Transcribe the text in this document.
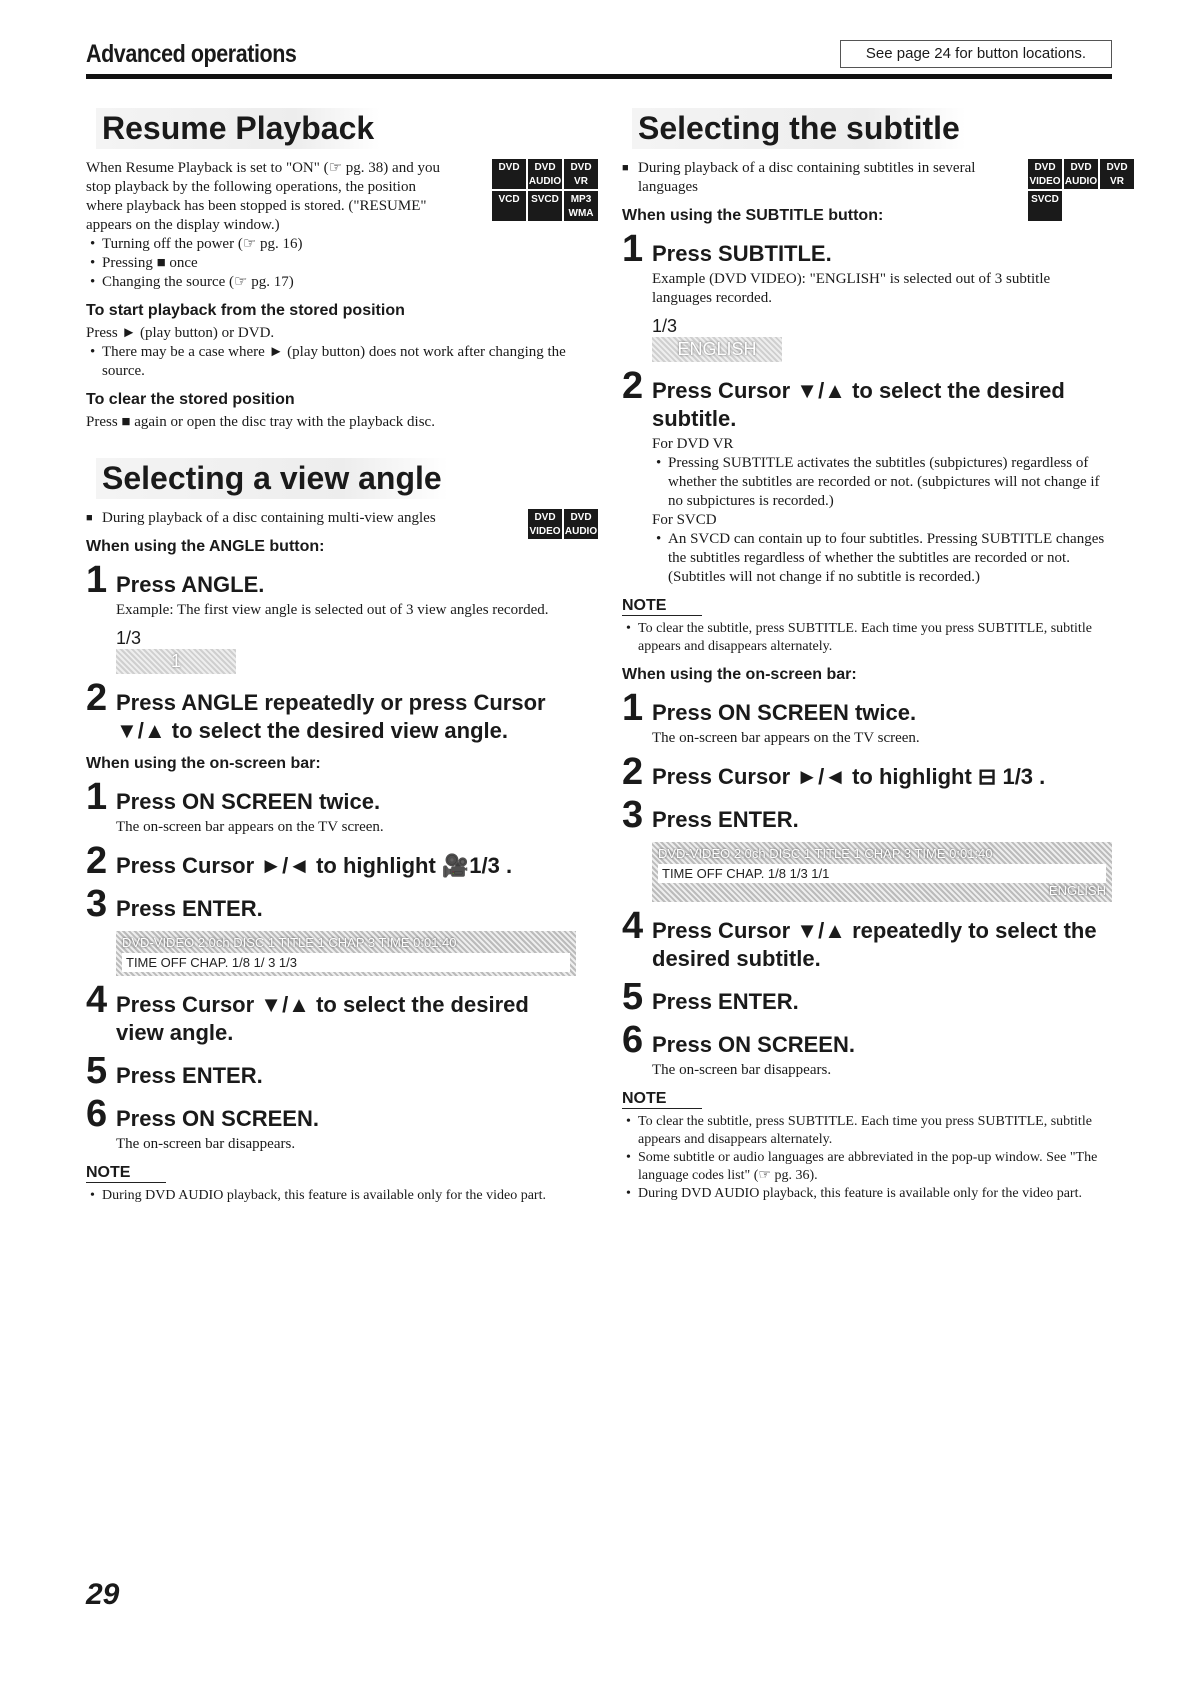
Advanced operations	See page 24 for button locations.
Resume Playback
DVD	DVD AUDIO
DVD VR
VCD	SVCD	MP3 WMA

When Resume Playback is set to "ON" (☞ pg. 38) and you stop playback by the following operations, the position where playback has been stopped is stored. ("RESUME" appears on the display window.)

• Turning off the power (☞ pg. 16)
• Pressing ■ once
• Changing the source (☞ pg. 17)
To start playback from the stored position

Press ► (play button) or DVD.

• There may be a case where ► (play button) does not work after changing the source.
To clear the stored position

Press ■ again or open the disc tray with the playback disc.

Selecting a view angle
DVD VIDEO
DVD AUDIO
■ During playback of a disc containing multi-view angles
When using the ANGLE button:
1 Press ANGLE.
Example: The first view angle is selected out of 3 view angles recorded.
1/3
1
2 Press ANGLE repeatedly or press Cursor ▼/▲ to select the desired view angle.
When using the on-screen bar:
1 Press ON SCREEN twice.
The on-screen bar appears on the TV screen.
2 Press Cursor ►/◄ to highlight 🎥1/3 .
3 Press ENTER.
DVD-VIDEO 2.0ch DISC 1 TITLE 1 CHAP 3 TIME 0:01:40
TIME OFF CHAP. 1/8 1/ 3 1/3
4 Press Cursor ▼/▲ to select the desired view angle.
5 Press ENTER.
6 Press ON SCREEN.
The on-screen bar disappears.
NOTE
• During DVD AUDIO playback, this feature is available only for the video part.
Selecting the subtitle
DVD VIDEO
DVD AUDIO
DVD VR
SVCD
■ During playback of a disc containing subtitles in several languages
When using the SUBTITLE button:
1 Press SUBTITLE.
Example (DVD VIDEO): "ENGLISH" is selected out of 3 subtitle languages recorded.
1/3
ENGLISH
2 Press Cursor ▼/▲ to select the desired subtitle.
For DVD VR
• Pressing SUBTITLE activates the subtitles (subpictures) regardless of whether the subtitles are recorded or not. (subpictures will not change if no subpictures is recorded.)
For SVCD
• An SVCD can contain up to four subtitles. Pressing SUBTITLE changes the subtitles regardless of whether the subtitles are recorded or not. (Subtitles will not change if no subtitle is recorded.)
NOTE
• To clear the subtitle, press SUBTITLE. Each time you press SUBTITLE, subtitle appears and disappears alternately.
When using the on-screen bar:
1 Press ON SCREEN twice.
The on-screen bar appears on the TV screen.
2 Press Cursor ►/◄ to highlight ⊟ 1/3 .
3 Press ENTER.
DVD-VIDEO 2.0ch DISC 1 TITLE 1 CHAP 3 TIME 0:01:40
TIME OFF CHAP. 1/8 1/3 1/1
ENGLISH
4 Press Cursor ▼/▲ repeatedly to select the desired subtitle.
5 Press ENTER.
6 Press ON SCREEN.
The on-screen bar disappears.
NOTE
• To clear the subtitle, press SUBTITLE. Each time you press SUBTITLE, subtitle appears and disappears alternately.
• Some subtitle or audio languages are abbreviated in the pop-up window. See "The language codes list" (☞ pg. 36).
• During DVD AUDIO playback, this feature is available only for the video part.
29
